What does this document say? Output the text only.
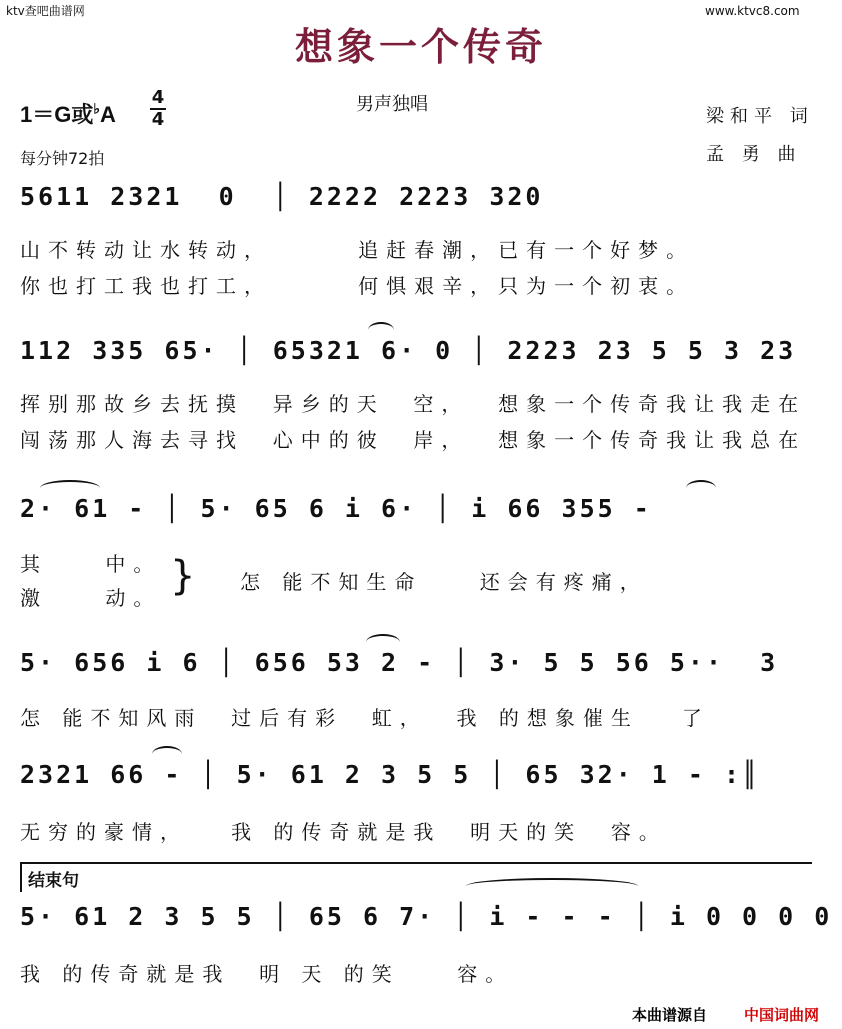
ktv查吧曲谱网	www.ktvc8.com
想象一个传奇
男声独唱
1＝G或$^♭A \frac{4}{4}$
每分钟72拍
梁和平 词
孟 勇 曲
5611 2321  0  │ 2222 2223 320
山不转动让水转动，      追赶春潮，已有一个好梦。
你也打工我也打工，      何惧艰辛，只为一个初衷。
112 335 65· │ 65321 6· 0 │ 2223 23 5 5 3 23
挥别那故乡去抚摸  异乡的天  空，  想象一个传奇我让我走在
闯荡那人海去寻找  心中的彼  岸，  想象一个传奇我让我总在
2· 61 - │ 5· 65 6 i 6· │ i 66 355 -
其    中。
激    动。 } 怎 能不知生命    还会有疼痛，
5· 656 i 6 │ 656 53 2 - │ 3· 5 5 56 5··  3
怎 能不知风雨  过后有彩  虹，  我 的想象催生   了
2321 66 - │ 5· 61 2 3 5 5 │ 65 32· 1 - :║
无穷的豪情，   我 的传奇就是我  明天的笑  容。
结束句
5· 61 2 3 5 5 │ 65 6 7· │ i - - - │ i 0 0 0 0
我 的传奇就是我  明 天 的笑    容。
本曲谱源自 中国词曲网
